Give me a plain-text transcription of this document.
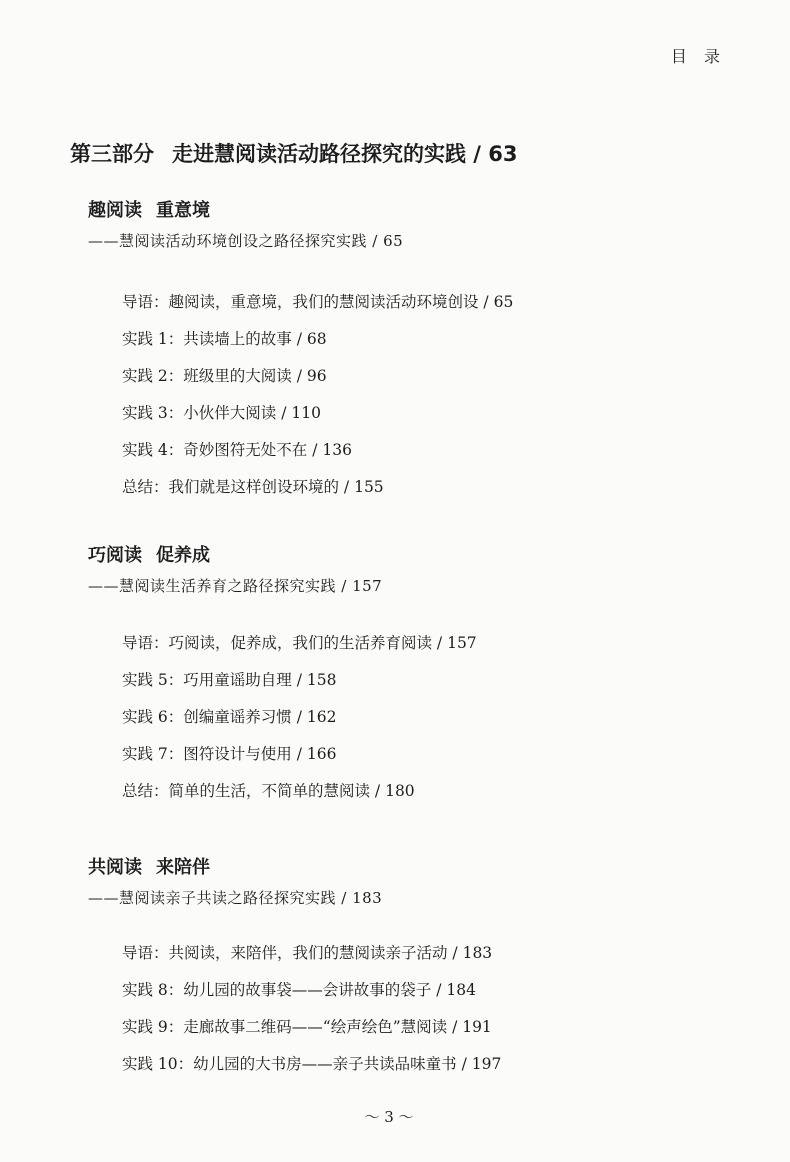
目 录
第三部分 走进慧阅读活动路径探究的实践 / 63
趣阅读 重意境
——慧阅读活动环境创设之路径探究实践 / 65
导语：趣阅读，重意境，我们的慧阅读活动环境创设 / 65
实践 1：共读墙上的故事 / 68
实践 2：班级里的大阅读 / 96
实践 3：小伙伴大阅读 / 110
实践 4：奇妙图符无处不在 / 136
总结：我们就是这样创设环境的 / 155
巧阅读 促养成
——慧阅读生活养育之路径探究实践 / 157
导语：巧阅读，促养成，我们的生活养育阅读 / 157
实践 5：巧用童谣助自理 / 158
实践 6：创编童谣养习惯 / 162
实践 7：图符设计与使用 / 166
总结：简单的生活，不简单的慧阅读 / 180
共阅读 来陪伴
——慧阅读亲子共读之路径探究实践 / 183
导语：共阅读，来陪伴，我们的慧阅读亲子活动 / 183
实践 8：幼儿园的故事袋——会讲故事的袋子 / 184
实践 9：走廊故事二维码——“绘声绘色”慧阅读 / 191
实践 10：幼儿园的大书房——亲子共读品味童书 / 197
～ 3 ～
